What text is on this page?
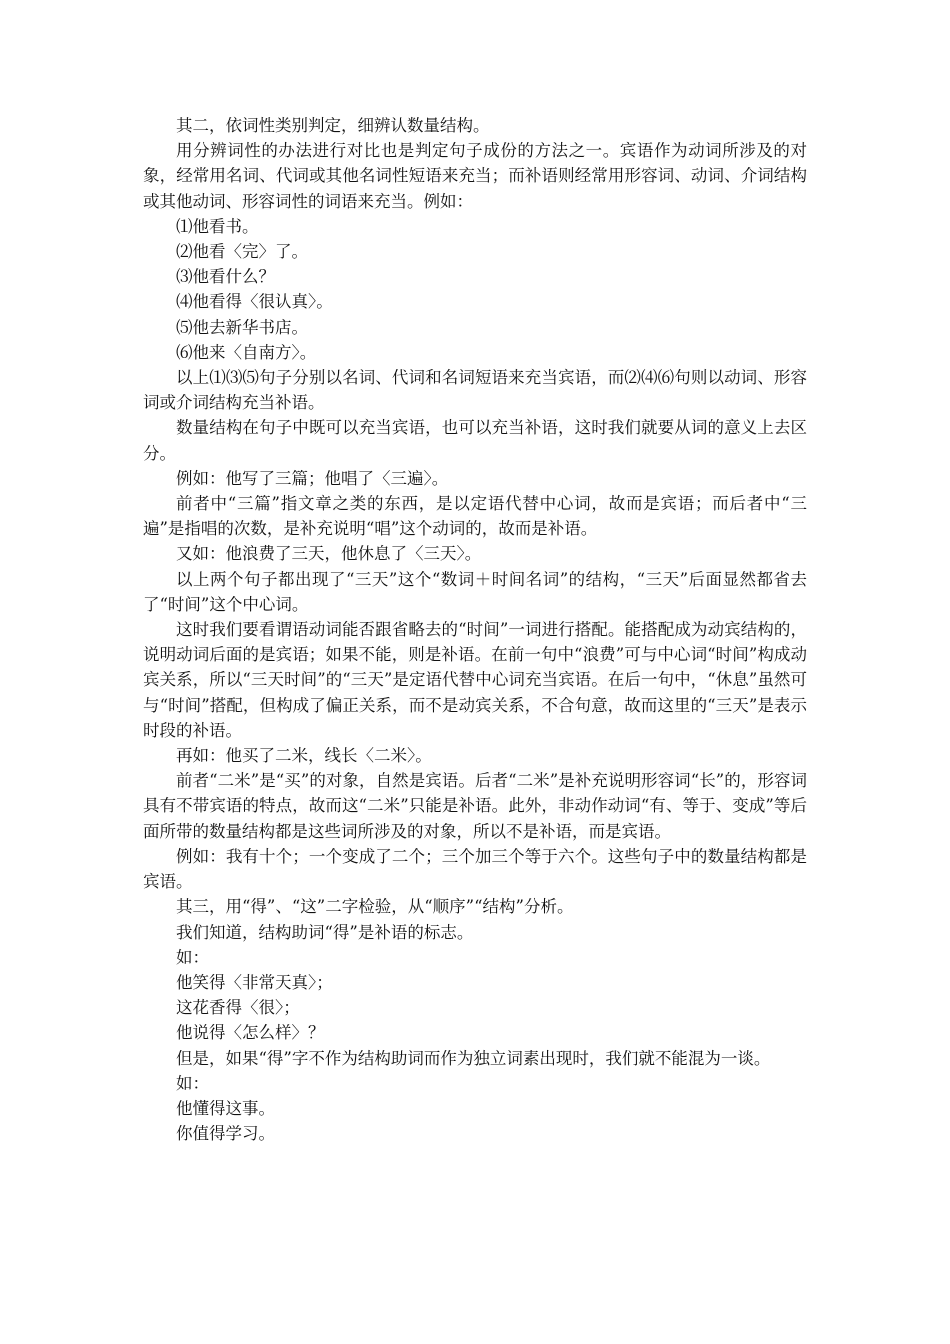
其二，依词性类别判定，细辨认数量结构。

用分辨词性的办法进行对比也是判定句子成份的方法之一。宾语作为动词所涉及的对象，经常用名词、代词或其他名词性短语来充当；而补语则经常用形容词、动词、介词结构或其他动词、形容词性的词语来充当。例如：

⑴他看书。

⑵他看〈完〉了。

⑶他看什么？

⑷他看得〈很认真〉。

⑸他去新华书店。

⑹他来〈自南方〉。

以上⑴⑶⑸句子分别以名词、代词和名词短语来充当宾语，而⑵⑷⑹句则以动词、形容词或介词结构充当补语。

数量结构在句子中既可以充当宾语，也可以充当补语，这时我们就要从词的意义上去区分。

例如：他写了三篇；他唱了〈三遍〉。

前者中“三篇”指文章之类的东西，是以定语代替中心词，故而是宾语；而后者中“三遍”是指唱的次数，是补充说明“唱”这个动词的，故而是补语。

又如：他浪费了三天，他休息了〈三天〉。

以上两个句子都出现了“三天”这个“数词＋时间名词”的结构，“三天”后面显然都省去了“时间”这个中心词。

这时我们要看谓语动词能否跟省略去的“时间”一词进行搭配。能搭配成为动宾结构的，说明动词后面的是宾语；如果不能，则是补语。在前一句中“浪费”可与中心词“时间”构成动宾关系，所以“三天时间”的“三天”是定语代替中心词充当宾语。在后一句中，“休息”虽然可与“时间”搭配，但构成了偏正关系，而不是动宾关系，不合句意，故而这里的“三天”是表示时段的补语。

再如：他买了二米，线长〈二米〉。

前者“二米”是“买”的对象，自然是宾语。后者“二米”是补充说明形容词“长”的，形容词具有不带宾语的特点，故而这“二米”只能是补语。此外，非动作动词“有、等于、变成”等后面所带的数量结构都是这些词所涉及的对象，所以不是补语，而是宾语。

例如：我有十个；一个变成了二个；三个加三个等于六个。这些句子中的数量结构都是宾语。

其三，用“得”、“这”二字检验，从“顺序”“结构”分析。

我们知道，结构助词“得”是补语的标志。

如：

他笑得〈非常天真〉；

这花香得〈很〉；

他说得〈怎么样〉？

但是，如果“得”字不作为结构助词而作为独立词素出现时，我们就不能混为一谈。

如：

他懂得这事。

你值得学习。
